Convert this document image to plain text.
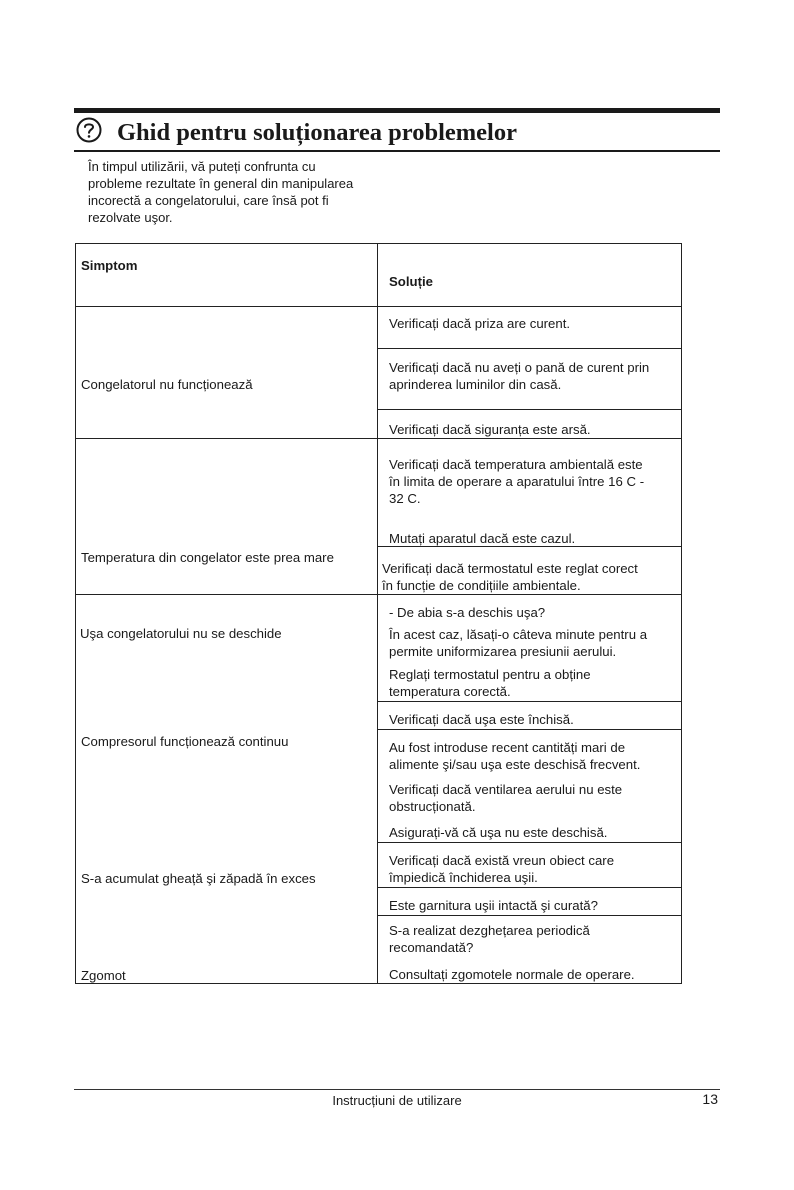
Ghid pentru soluționarea problemelor
În timpul utilizării, vă puteți confrunta cu
probleme rezultate în general din manipularea
incorectă a congelatorului, care însă pot fi
rezolvate uşor.
Simptom
Soluție
Congelatorul nu funcționează
Temperatura din congelator este prea mare
Uşa congelatorului nu se deschide
Compresorul funcționează continuu
S-a acumulat gheață şi zăpadă în exces
Zgomot
Verificați dacă priza are curent.
Verificați dacă nu aveți o pană de curent prin
aprinderea luminilor din casă.
Verificați dacă siguranța este arsă.
Verificați dacă temperatura ambientală este
în limita de operare a aparatului între 16 C -
32 C.
Mutați aparatul dacă este cazul.
Verificați dacă termostatul este reglat corect
în funcție de condițiile ambientale.
- De abia s-a deschis uşa?
În acest caz, lăsați-o câteva minute pentru a
permite uniformizarea presiunii aerului.
Reglați termostatul pentru a obține
temperatura corectă.
Verificați dacă uşa este închisă.
Au fost introduse recent cantități mari de
alimente şi/sau uşa este deschisă frecvent.
Verificați dacă ventilarea aerului nu este
obstrucționată.
Asigurați-vă că uşa nu este deschisă.
Verificați dacă există vreun obiect care
împiedică închiderea uşii.
Este garnitura uşii intactă şi curată?
S-a realizat dezghețarea periodică
recomandată?
Consultați zgomotele normale de operare.
Instrucțiuni de utilizare	13
